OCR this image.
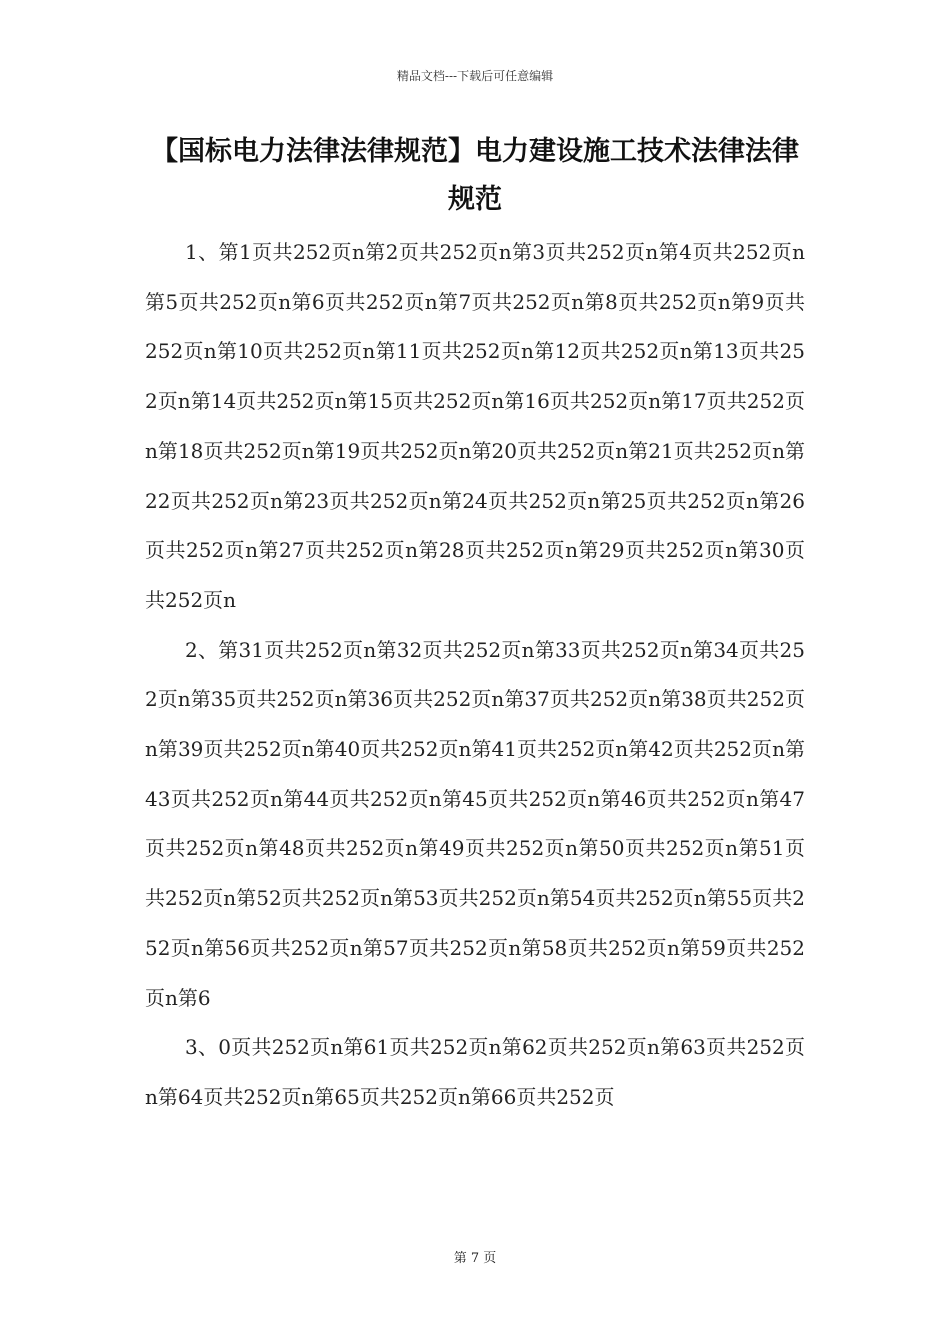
精品文档---下载后可任意编辑
【国标电力法律法律规范】电力建设施工技术法律法律规范

1、第1页共252页n第2页共252页n第3页共252页n第4页共252页n第5页共252页n第6页共252页n第7页共252页n第8页共252页n第9页共252页n第10页共252页n第11页共252页n第12页共252页n第13页共252页n第14页共252页n第15页共252页n第16页共252页n第17页共252页n第18页共252页n第19页共252页n第20页共252页n第21页共252页n第22页共252页n第23页共252页n第24页共252页n第25页共252页n第26页共252页n第27页共252页n第28页共252页n第29页共252页n第30页共252页n

2、第31页共252页n第32页共252页n第33页共252页n第34页共252页n第35页共252页n第36页共252页n第37页共252页n第38页共252页n第39页共252页n第40页共252页n第41页共252页n第42页共252页n第43页共252页n第44页共252页n第45页共252页n第46页共252页n第47页共252页n第48页共252页n第49页共252页n第50页共252页n第51页共252页n第52页共252页n第53页共252页n第54页共252页n第55页共252页n第56页共252页n第57页共252页n第58页共252页n第59页共252页n第6

3、0页共252页n第61页共252页n第62页共252页n第63页共252页n第64页共252页n第65页共252页n第66页共252页

第 7 页
